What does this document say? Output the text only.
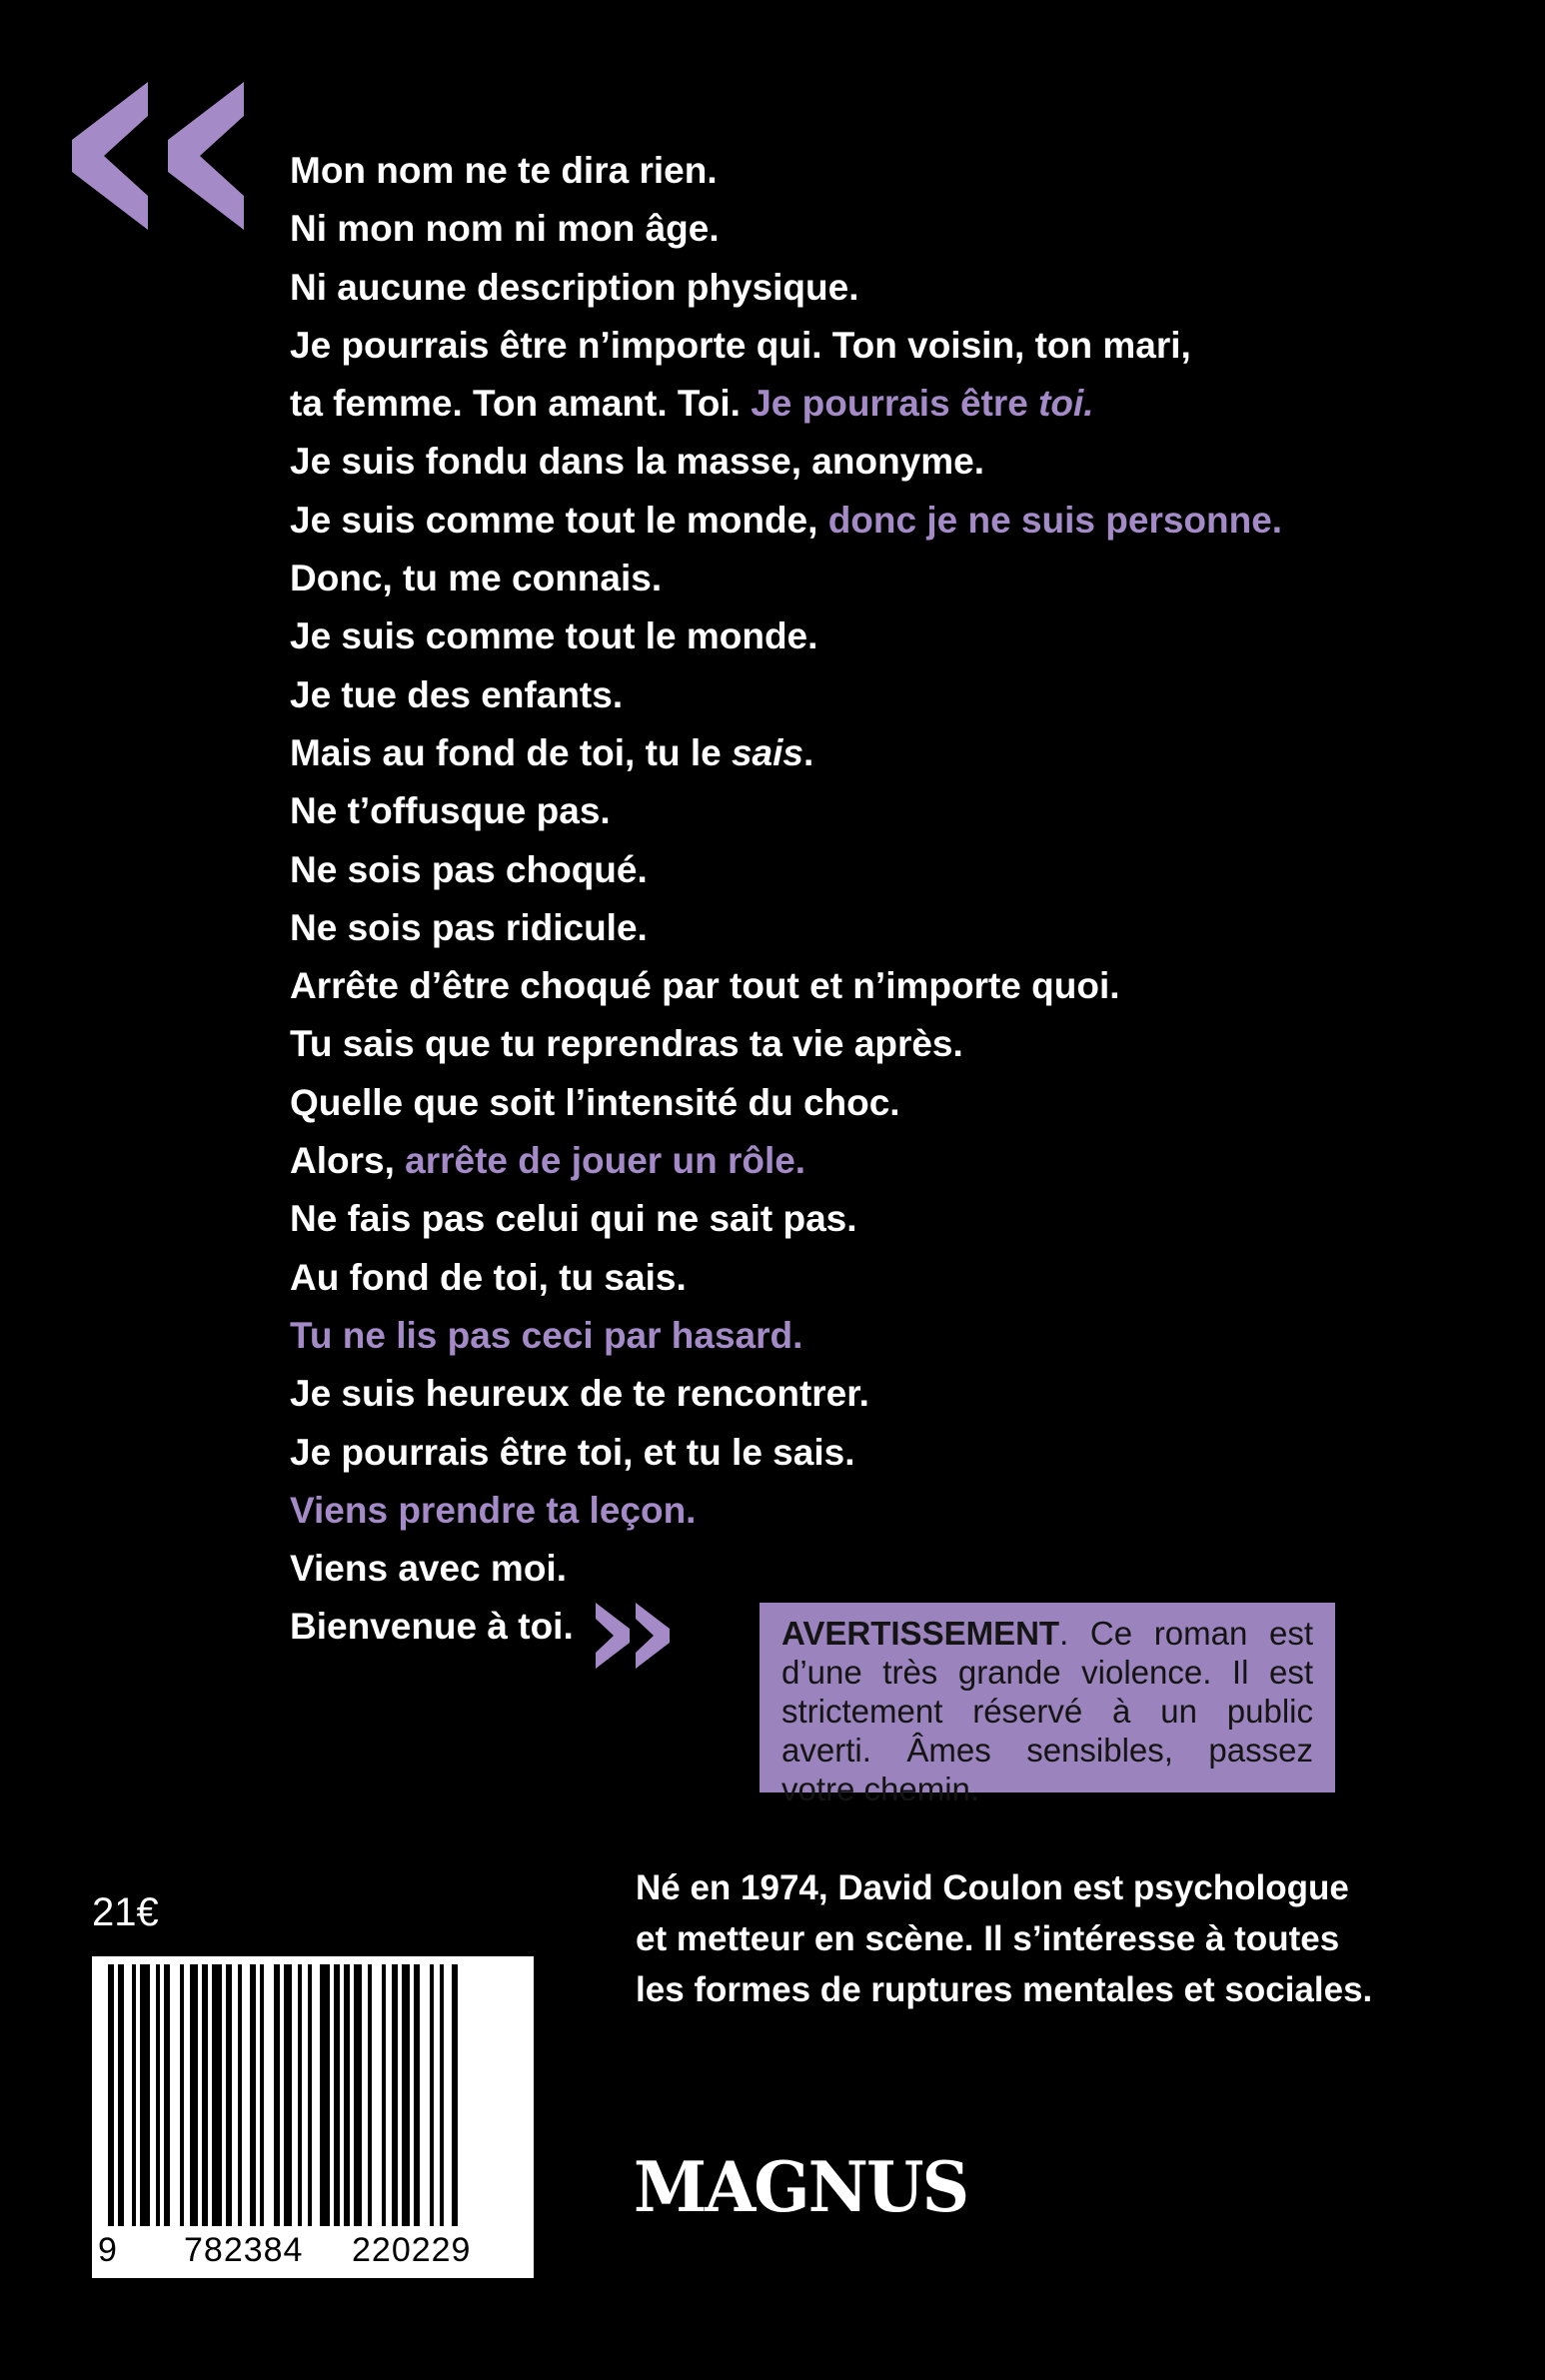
Mon nom ne te dira rien.
Ni mon nom ni mon âge.
Ni aucune description physique.
Je pourrais être n’importe qui. Ton voisin, ton mari,
ta femme. Ton amant. Toi. Je pourrais être toi.
Je suis fondu dans la masse, anonyme.
Je suis comme tout le monde, donc je ne suis personne.
Donc, tu me connais.
Je suis comme tout le monde.
Je tue des enfants.
Mais au fond de toi, tu le sais.
Ne t’offusque pas.
Ne sois pas choqué.
Ne sois pas ridicule.
Arrête d’être choqué par tout et n’importe quoi.
Tu sais que tu reprendras ta vie après.
Quelle que soit l’intensité du choc.
Alors, arrête de jouer un rôle.
Ne fais pas celui qui ne sait pas.
Au fond de toi, tu sais.
Tu ne lis pas ceci par hasard.
Je suis heureux de te rencontrer.
Je pourrais être toi, et tu le sais.
Viens prendre ta leçon.
Viens avec moi.
Bienvenue à toi.	AVERTISSEMENT. Ce roman est d’une très grande violence. Il est strictement réservé à un public averti. Âmes sensibles, passez votre chemin.
Né en 1974, David Coulon est psychologue
et metteur en scène. Il s’intéresse à toutes
les formes de ruptures mentales et sociales.
21€
9 782384 220229
MAGNUS
